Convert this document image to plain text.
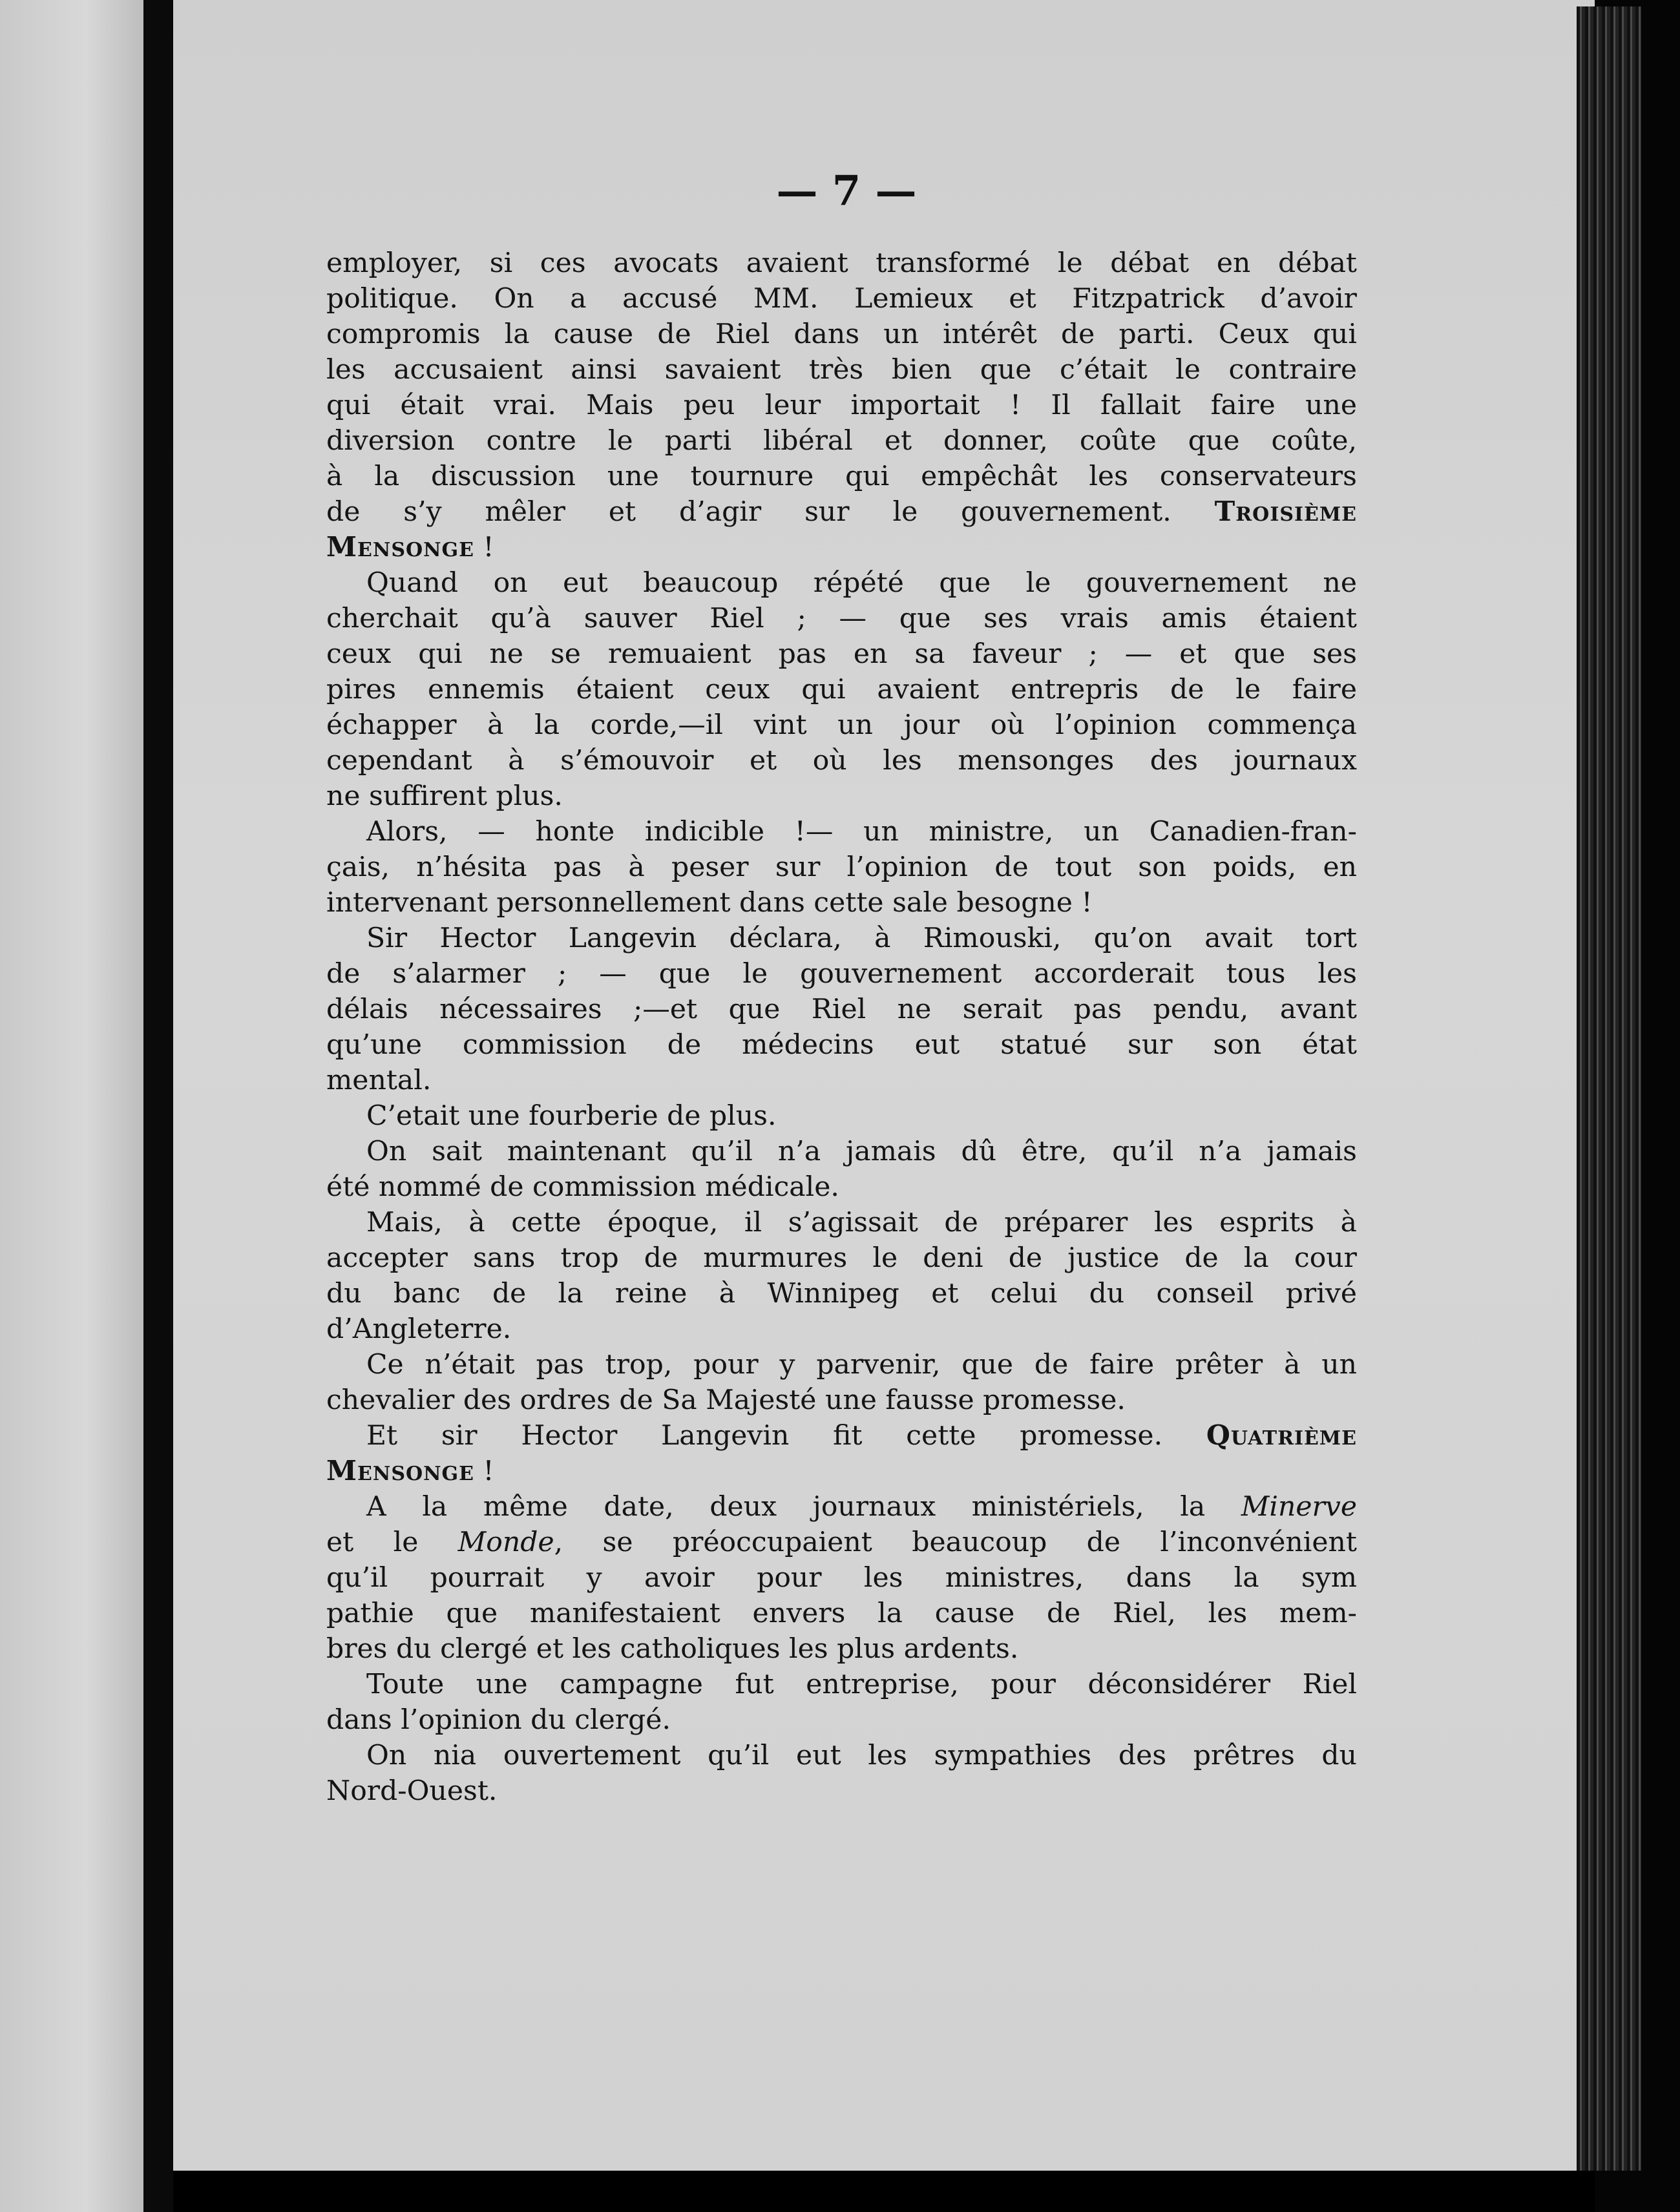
— 7 —
employer, si ces avocats avaient transformé le débat en débat
politique. On a accusé MM. Lemieux et Fitzpatrick d’avoir
compromis la cause de Riel dans un intérêt de parti. Ceux qui
les accusaient ainsi savaient très bien que c’était le contraire
qui était vrai. Mais peu leur importait ! Il fallait faire une
diversion contre le parti libéral et donner, coûte que coûte,
à la discussion une tournure qui empêchât les conservateurs
de s’y mêler et d’agir sur le gouvernement. Troisième
Mensonge !
Quand on eut beaucoup répété que le gouvernement ne
cherchait qu’à sauver Riel ; — que ses vrais amis étaient
ceux qui ne se remuaient pas en sa faveur ; — et que ses
pires ennemis étaient ceux qui avaient entrepris de le faire
échapper à la corde,—il vint un jour où l’opinion commença
cependant à s’émouvoir et où les mensonges des journaux
ne suffirent plus.
Alors, — honte indicible !— un ministre, un Canadien-fran-
çais, n’hésita pas à peser sur l’opinion de tout son poids, en
intervenant personnellement dans cette sale besogne !
Sir Hector Langevin déclara, à Rimouski, qu’on avait tort
de s’alarmer ; — que le gouvernement accorderait tous les
délais nécessaires ;—et que Riel ne serait pas pendu, avant
qu’une commission de médecins eut statué sur son état
mental.
C’etait une fourberie de plus.
On sait maintenant qu’il n’a jamais dû être, qu’il n’a jamais
été nommé de commission médicale.
Mais, à cette époque, il s’agissait de préparer les esprits à
accepter sans trop de murmures le deni de justice de la cour
du banc de la reine à Winnipeg et celui du conseil privé
d’Angleterre.
Ce n’était pas trop, pour y parvenir, que de faire prêter à un
chevalier des ordres de Sa Majesté une fausse promesse.
Et sir Hector Langevin fit cette promesse. Quatrième
Mensonge !
A la même date, deux journaux ministériels, la Minerve
et le Monde, se préoccupaient beaucoup de l’inconvénient
qu’il pourrait y avoir pour les ministres, dans la sym
pathie que manifestaient envers la cause de Riel, les mem-
bres du clergé et les catholiques les plus ardents.
Toute une campagne fut entreprise, pour déconsidérer Riel
dans l’opinion du clergé.
On nia ouvertement qu’il eut les sympathies des prêtres du
Nord-Ouest.
